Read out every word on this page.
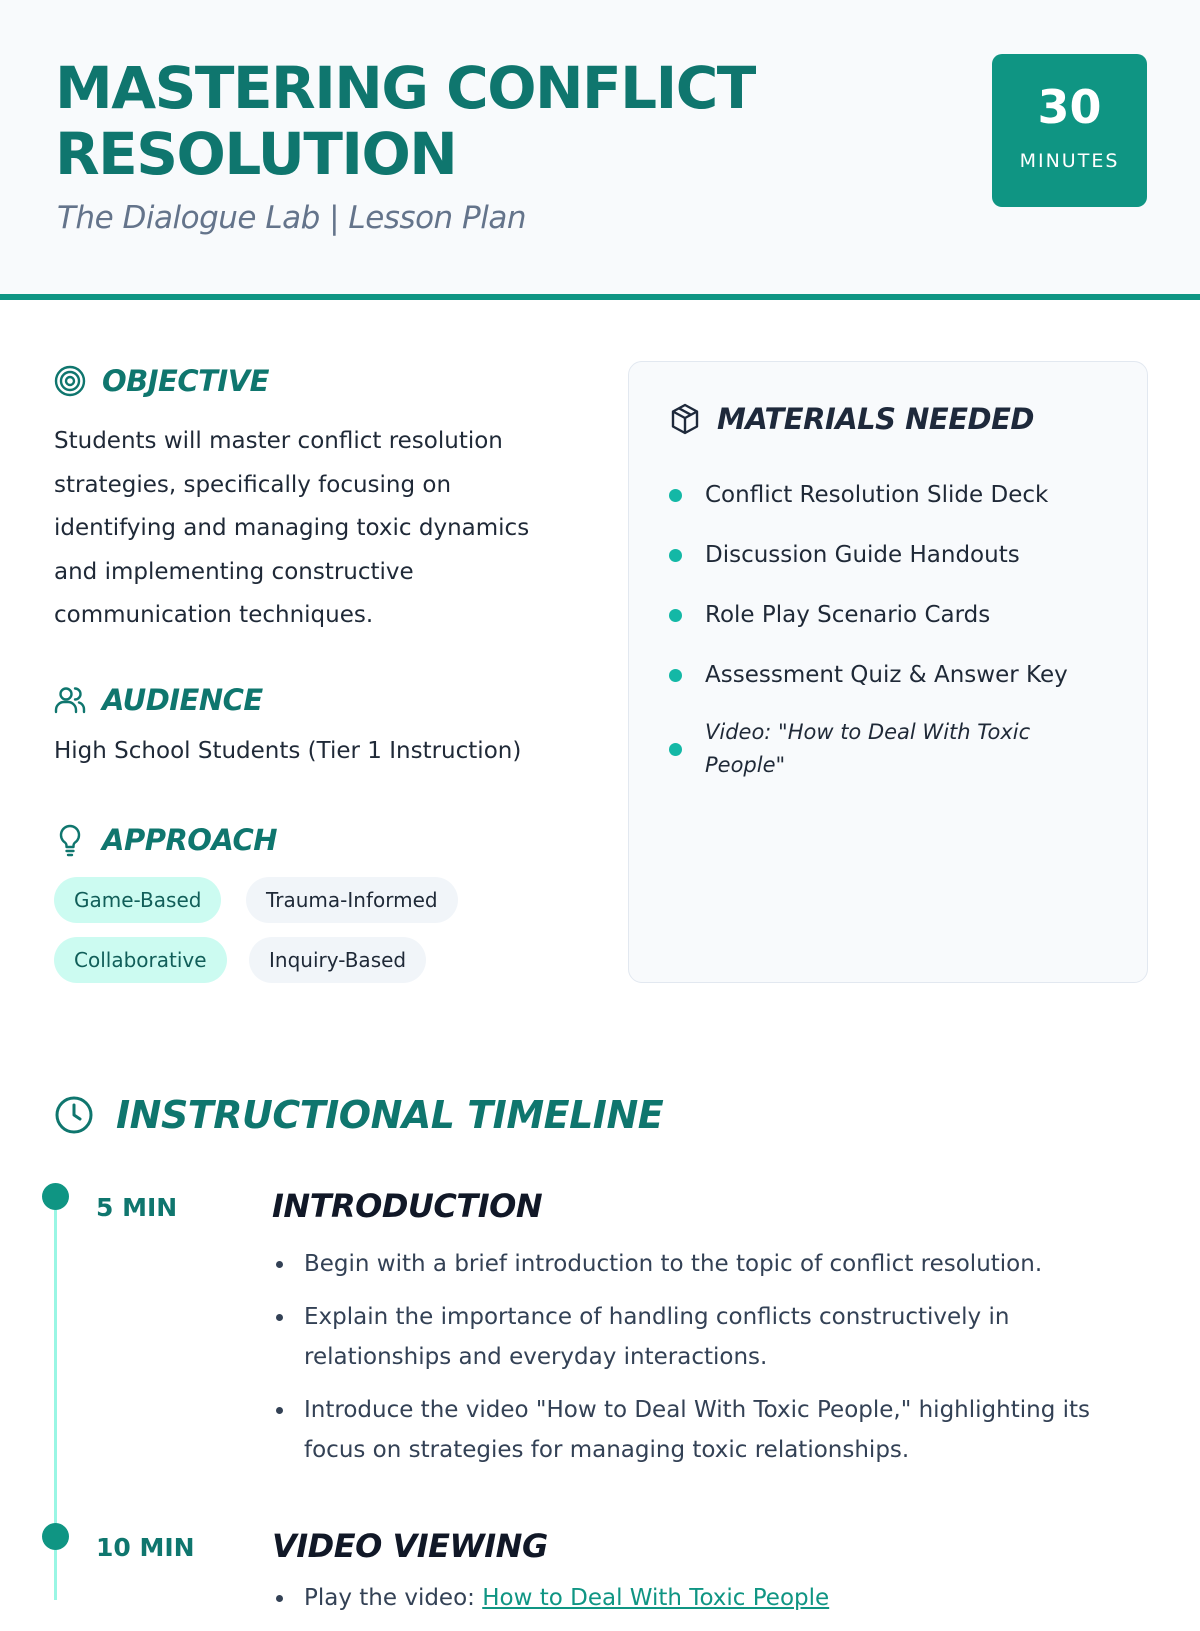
MASTERING CONFLICT RESOLUTION
The Dialogue Lab | Lesson Plan
30
MINUTES
OBJECTIVE
Students will master conflict resolution strategies, specifically focusing on identifying and managing toxic dynamics and implementing constructive communication techniques.
AUDIENCE
High School Students (Tier 1 Instruction)
APPROACH
Game-Based	Trauma-Informed
Collaborative	Inquiry-Based
MATERIALS NEEDED
Conflict Resolution Slide Deck
Discussion Guide Handouts
Role Play Scenario Cards
Assessment Quiz & Answer Key
Video: "How to Deal With Toxic People"
INSTRUCTIONAL TIMELINE
5 MIN	INTRODUCTION
Begin with a brief introduction to the topic of conflict resolution.
Explain the importance of handling conflicts constructively in relationships and everyday interactions.
Introduce the video "How to Deal With Toxic People," highlighting its focus on strategies for managing toxic relationships.
10 MIN VIDEO VIEWING
Play the video: How to Deal With Toxic People
